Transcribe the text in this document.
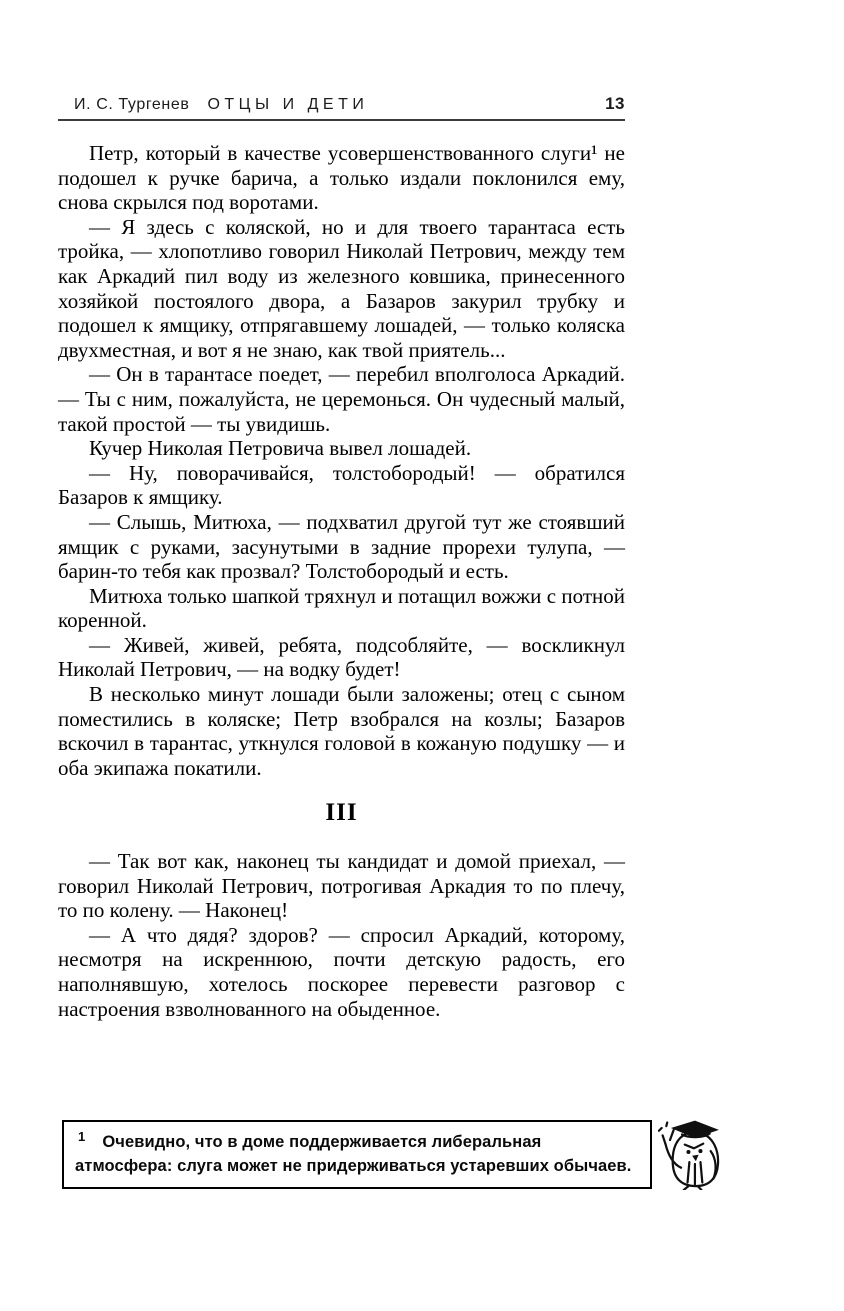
И. С. Тургенев ОТЦЫ И ДЕТИ	13

Петр, который в качестве усовершенствованного слуги¹ не подошел к ручке барича, а только издали поклонился ему, снова скрылся под воротами.

— Я здесь с коляской, но и для твоего тарантаса есть тройка, — хлопотливо говорил Николай Петрович, между тем как Аркадий пил воду из железного ковшика, принесенного хозяйкой постоялого двора, а Базаров закурил трубку и подошел к ямщику, отпрягавшему лошадей, — только коляска двухместная, и вот я не знаю, как твой приятель...

— Он в тарантасе поедет, — перебил вполголоса Аркадий. — Ты с ним, пожалуйста, не церемонься. Он чудесный малый, такой простой — ты увидишь.

Кучер Николая Петровича вывел лошадей.

— Ну, поворачивайся, толстобородый! — обратился Базаров к ямщику.

— Слышь, Митюха, — подхватил другой тут же стоявший ямщик с руками, засунутыми в задние прорехи тулупа, — барин-то тебя как прозвал? Толстобородый и есть.

Митюха только шапкой тряхнул и потащил вожжи с потной коренной.

— Живей, живей, ребята, подсобляйте, — воскликнул Николай Петрович, — на водку будет!

В несколько минут лошади были заложены; отец с сыном поместились в коляске; Петр взобрался на козлы; Базаров вскочил в тарантас, уткнулся головой в кожаную подушку — и оба экипажа покатили.

III

— Так вот как, наконец ты кандидат и домой приехал, — говорил Николай Петрович, потрогивая Аркадия то по плечу, то по колену. — Наконец!

— А что дядя? здоров? — спросил Аркадий, которому, несмотря на искреннюю, почти детскую радость, его наполнявшую, хотелось поскорее перевести разговор с настроения взволнованного на обыденное.

1 Очевидно, что в доме поддерживается либеральная атмосфера: слуга может не придерживаться устаревших обычаев.
